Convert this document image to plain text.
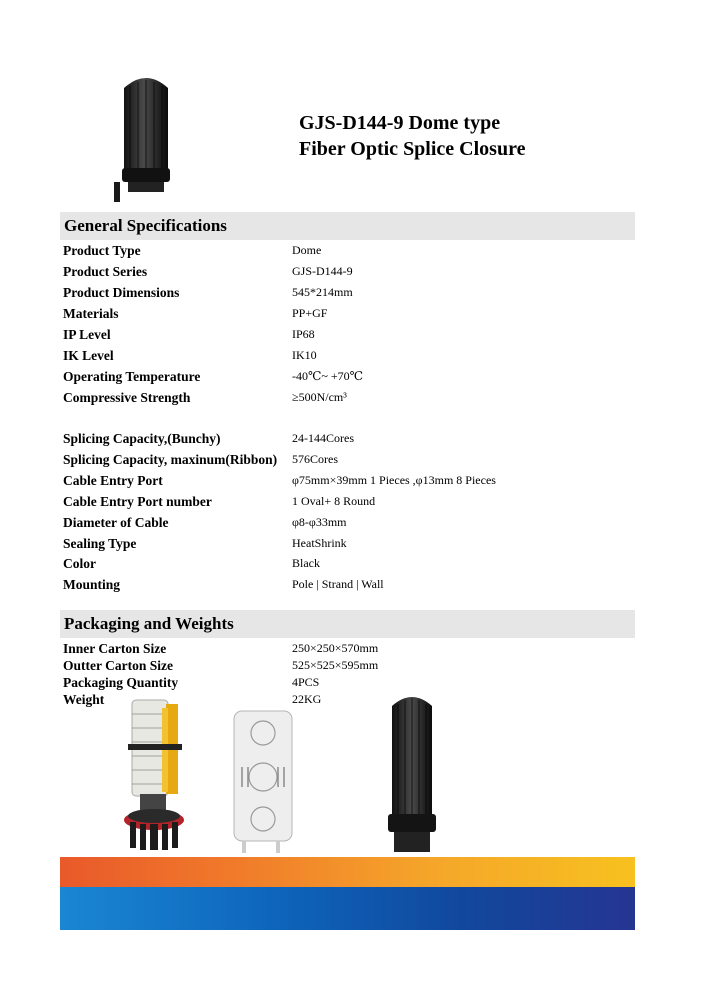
GJS-D144-9 Dome type
Fiber Optic Splice Closure
General Specifications
Product Type	Dome
Product Series	GJS-D144-9
Product Dimensions	545*214mm
Materials	PP+GF
IP Level	IP68
IK Level	IK10
Operating Temperature	-40℃~ +70℃
Compressive Strength	≥500N/cm³
Splicing Capacity,(Bunchy)	24-144Cores
Splicing Capacity, maxinum(Ribbon) 576Cores
Cable Entry Port	φ75mm×39mm 1 Pieces ,φ13mm 8 Pieces
Cable Entry Port number	1 Oval+ 8 Round
Diameter of Cable	φ8-φ33mm
Sealing Type	HeatShrink
Color	Black
Mounting	Pole | Strand | Wall
Packaging and Weights
Inner Carton Size	250×250×570mm
Outter Carton Size	525×525×595mm
Packaging Quantity	4PCS
Weight	22KG
